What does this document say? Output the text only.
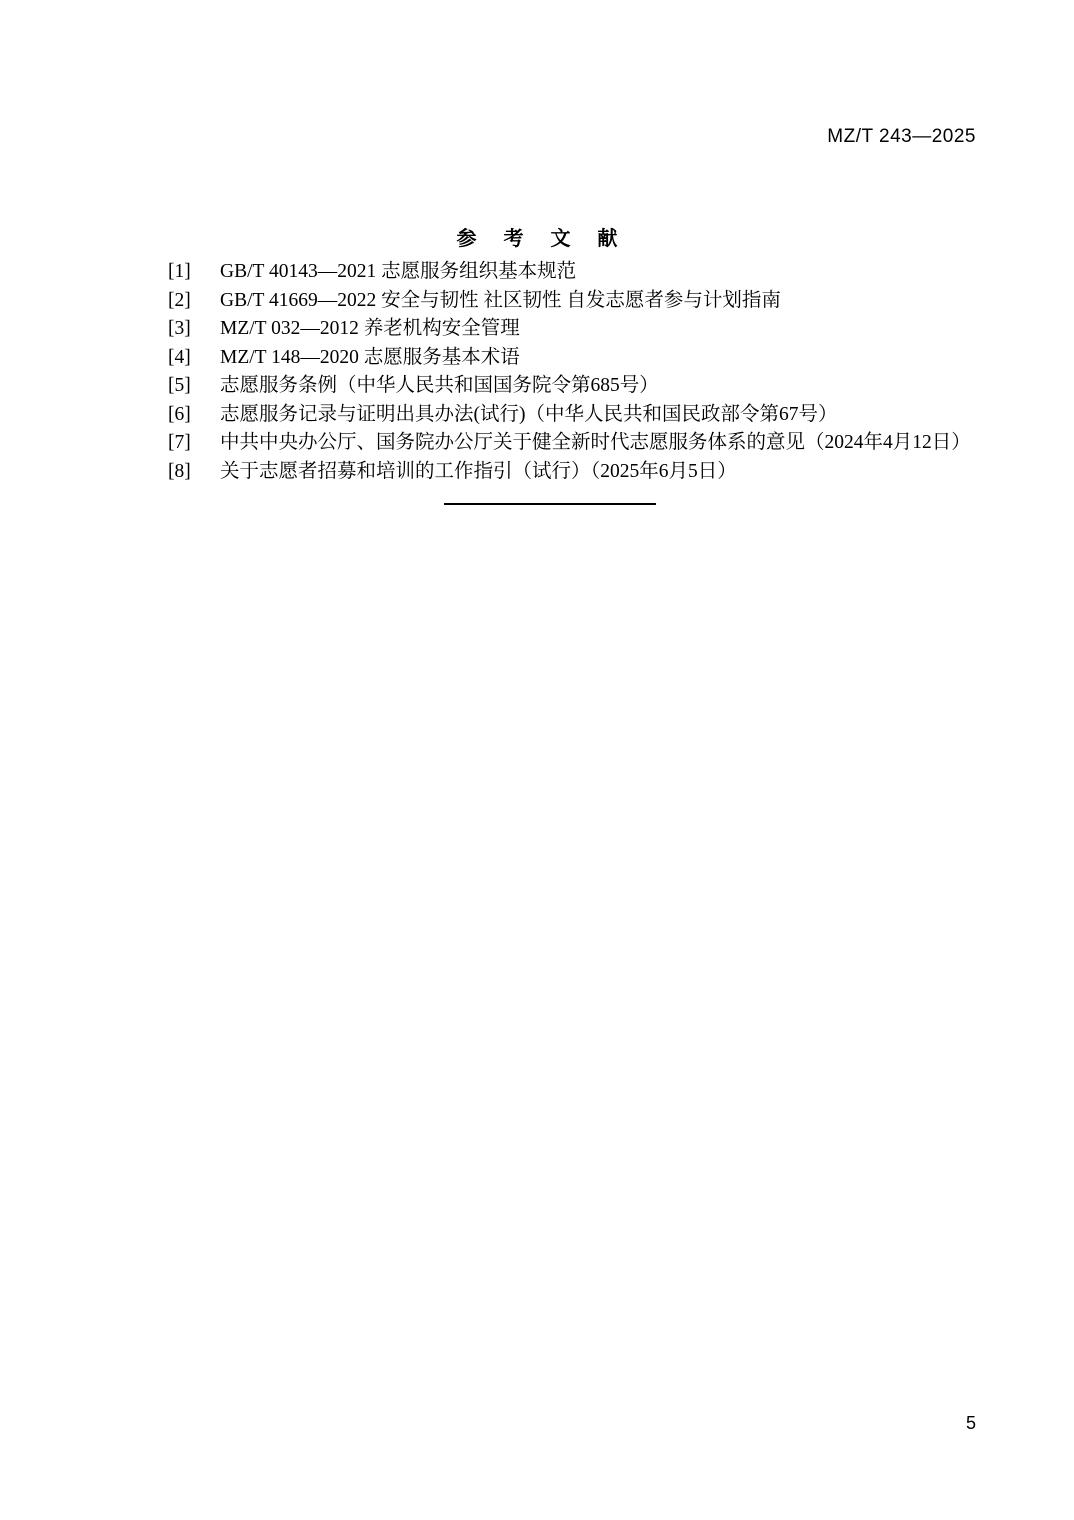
MZ/T 243—2025
参 考 文 献
[1]	GB/T 40143—2021 志愿服务组织基本规范
[2]	GB/T 41669—2022 安全与韧性 社区韧性 自发志愿者参与计划指南
[3]	MZ/T 032—2012 养老机构安全管理
[4]	MZ/T 148—2020 志愿服务基本术语
[5]	志愿服务条例（中华人民共和国国务院令第685号）
[6]	志愿服务记录与证明出具办法(试行)（中华人民共和国民政部令第67号）
[7]	中共中央办公厅、国务院办公厅关于健全新时代志愿服务体系的意见（2024年4月12日）
[8]	关于志愿者招募和培训的工作指引（试行）（2025年6月5日）
5
